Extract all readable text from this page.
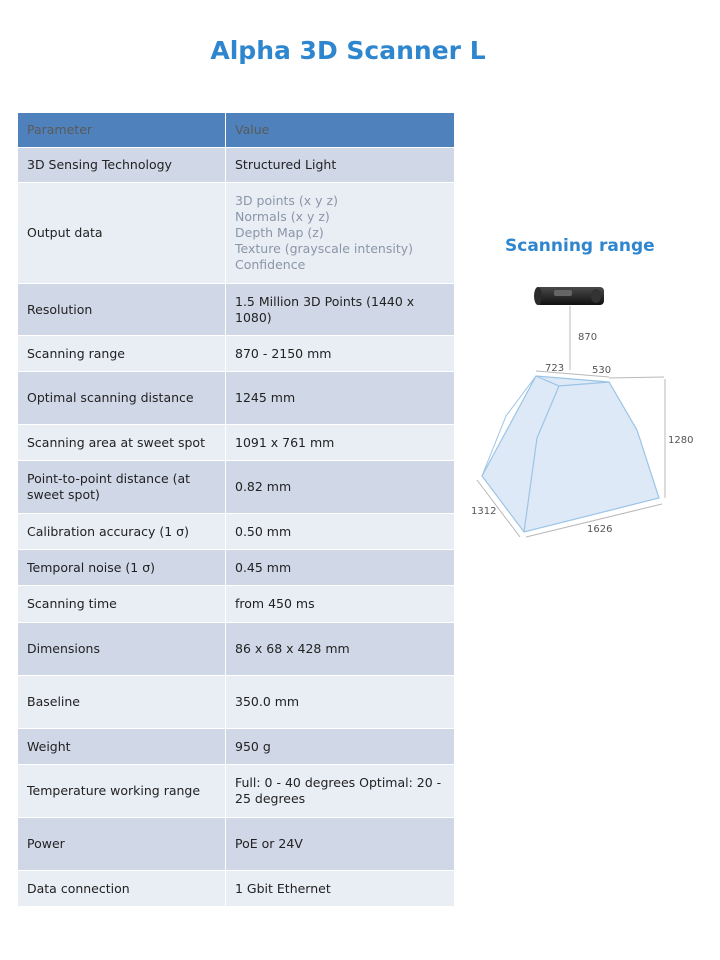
Alpha 3D Scanner L
Parameter	Value
3D Sensing Technology	Structured Light
Output data	3D points (x y z)
Normals (x y z)
Depth Map (z)
Texture (grayscale intensity)
Confidence

Resolution	1.5 Million 3D Points (1440 x 1080)
Scanning range	870 - 2150 mm
Optimal scanning distance	1245 mm
Scanning area at sweet spot	1091 x 761 mm
Point-to-point distance (at sweet spot)	0.82 mm
Calibration accuracy (1 σ)	0.50 mm
Temporal noise (1 σ)	0.45 mm
Scanning time	from 450 ms
Dimensions	86 x 68 x 428 mm
Baseline	350.0 mm
Weight	950 g
Temperature working range	Full: 0 - 40 degrees Optimal: 20 - 25 degrees
Power	PoE or 24V
Data connection	1 Gbit Ethernet
Scanning range
870
723	530
1280
1312
1626
